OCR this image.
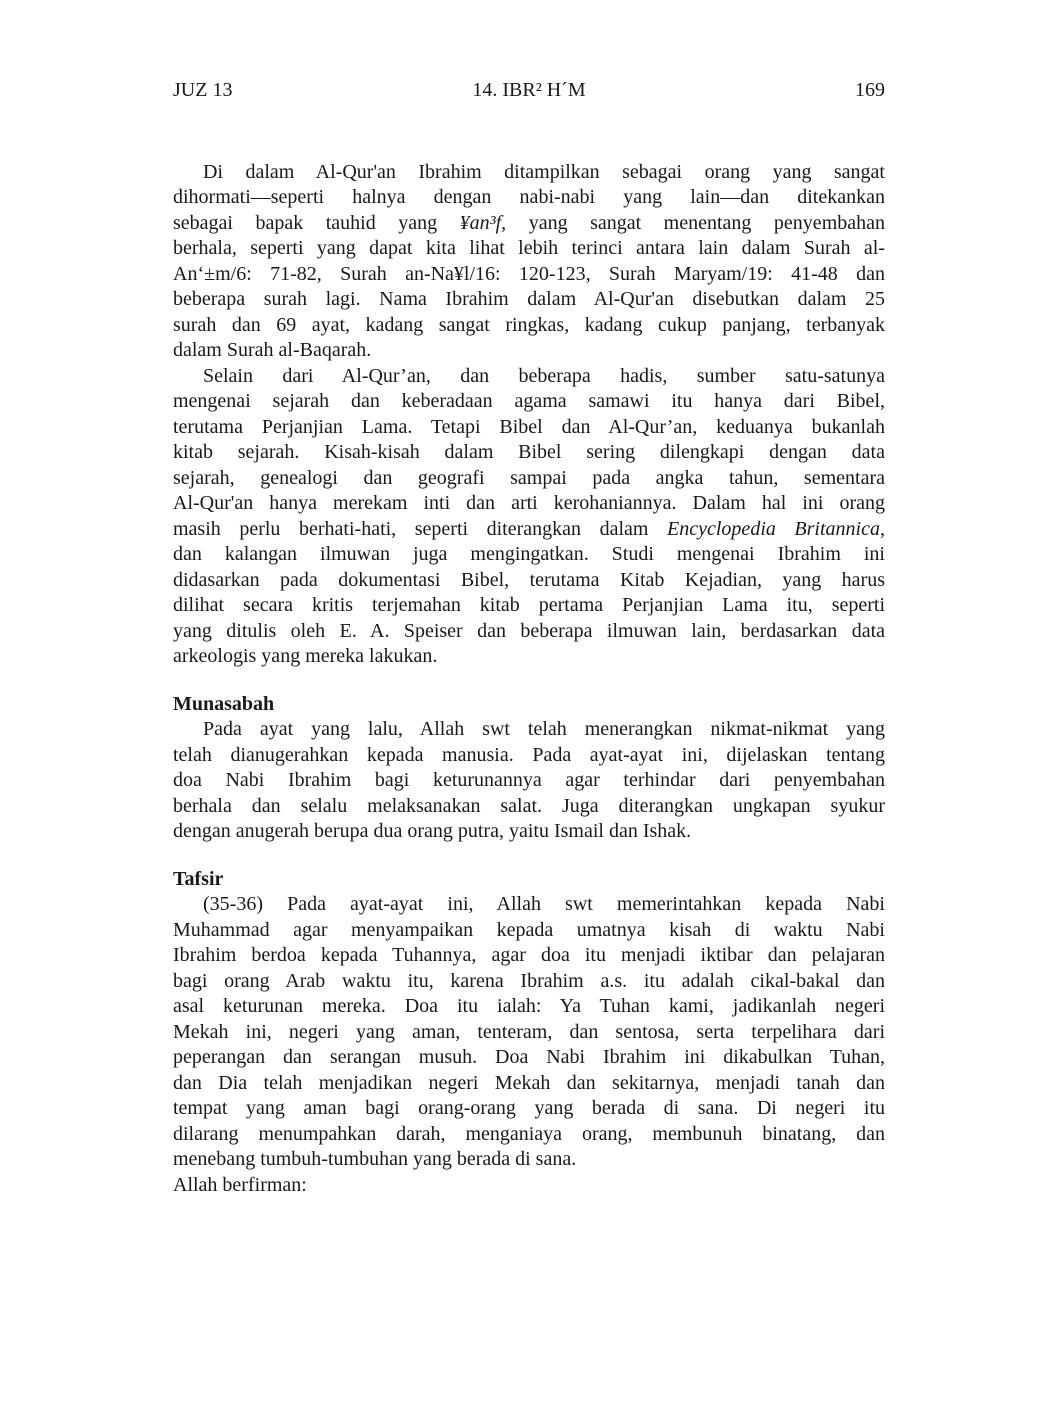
JUZ 13	14. IBR² H´M	169
Di dalam Al-Qur'an Ibrahim ditampilkan sebagai orang yang sangat
dihormati—seperti halnya dengan nabi-nabi yang lain—dan ditekankan
sebagai bapak tauhid yang ¥an³f, yang sangat menentang penyembahan
berhala, seperti yang dapat kita lihat lebih terinci antara lain dalam Surah al-
An‘±m/6: 71-82, Surah an-Na¥l/16: 120-123, Surah Maryam/19: 41-48 dan
beberapa surah lagi. Nama Ibrahim dalam Al-Qur'an disebutkan dalam 25
surah dan 69 ayat, kadang sangat ringkas, kadang cukup panjang, terbanyak
dalam Surah al-Baqarah.
Selain dari Al-Qur’an, dan beberapa hadis, sumber satu-satunya
mengenai sejarah dan keberadaan agama samawi itu hanya dari Bibel,
terutama Perjanjian Lama. Tetapi Bibel dan Al-Qur’an, keduanya bukanlah
kitab sejarah. Kisah-kisah dalam Bibel sering dilengkapi dengan data
sejarah, genealogi dan geografi sampai pada angka tahun, sementara
Al-Qur'an hanya merekam inti dan arti kerohaniannya. Dalam hal ini orang
masih perlu berhati-hati, seperti diterangkan dalam Encyclopedia Britannica,
dan kalangan ilmuwan juga mengingatkan. Studi mengenai Ibrahim ini
didasarkan pada dokumentasi Bibel, terutama Kitab Kejadian, yang harus
dilihat secara kritis terjemahan kitab pertama Perjanjian Lama itu, seperti
yang ditulis oleh E. A. Speiser dan beberapa ilmuwan lain, berdasarkan data
arkeologis yang mereka lakukan.
Munasabah
Pada ayat yang lalu, Allah swt telah menerangkan nikmat-nikmat yang
telah dianugerahkan kepada manusia. Pada ayat-ayat ini, dijelaskan tentang
doa Nabi Ibrahim bagi keturunannya agar terhindar dari penyembahan
berhala dan selalu melaksanakan salat. Juga diterangkan ungkapan syukur
dengan anugerah berupa dua orang putra, yaitu Ismail dan Ishak.
Tafsir
(35-36) Pada ayat-ayat ini, Allah swt memerintahkan kepada Nabi
Muhammad agar menyampaikan kepada umatnya kisah di waktu Nabi
Ibrahim berdoa kepada Tuhannya, agar doa itu menjadi iktibar dan pelajaran
bagi orang Arab waktu itu, karena Ibrahim a.s. itu adalah cikal-bakal dan
asal keturunan mereka. Doa itu ialah: Ya Tuhan kami, jadikanlah negeri
Mekah ini, negeri yang aman, tenteram, dan sentosa, serta terpelihara dari
peperangan dan serangan musuh. Doa Nabi Ibrahim ini dikabulkan Tuhan,
dan Dia telah menjadikan negeri Mekah dan sekitarnya, menjadi tanah dan
tempat yang aman bagi orang-orang yang berada di sana. Di negeri itu
dilarang menumpahkan darah, menganiaya orang, membunuh binatang, dan
menebang tumbuh-tumbuhan yang berada di sana.
Allah berfirman:
